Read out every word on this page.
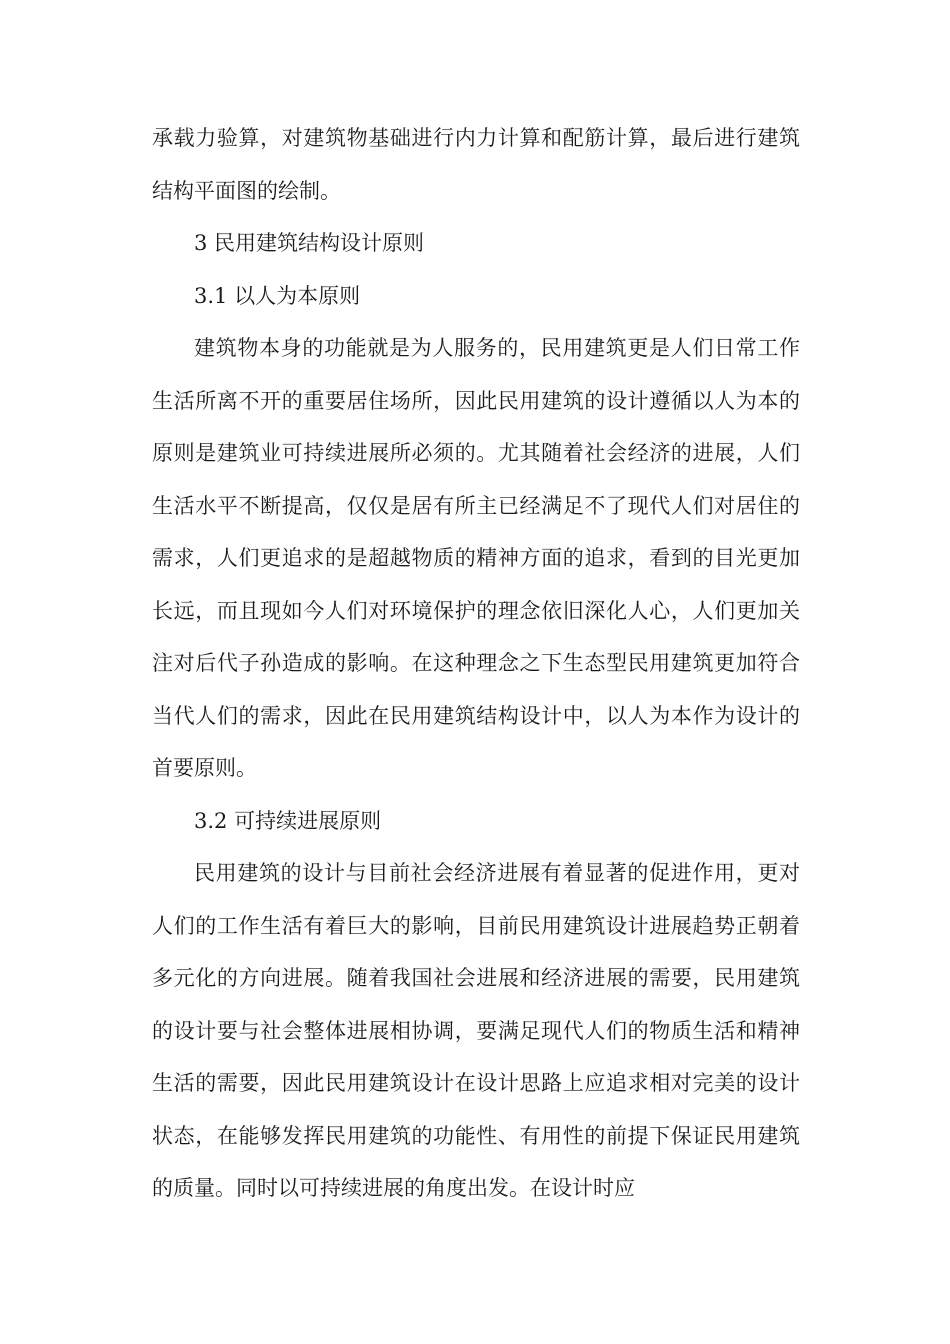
承载力验算，对建筑物基础进行内力计算和配筋计算，最后进行建筑结构平面图的绘制。

3 民用建筑结构设计原则

3.1 以人为本原则

建筑物本身的功能就是为人服务的，民用建筑更是人们日常工作生活所离不开的重要居住场所，因此民用建筑的设计遵循以人为本的原则是建筑业可持续进展所必须的。尤其随着社会经济的进展，人们生活水平不断提高，仅仅是居有所主已经满足不了现代人们对居住的需求，人们更追求的是超越物质的精神方面的追求，看到的目光更加长远，而且现如今人们对环境保护的理念依旧深化人心，人们更加关注对后代子孙造成的影响。在这种理念之下生态型民用建筑更加符合当代人们的需求，因此在民用建筑结构设计中，以人为本作为设计的首要原则。

3.2 可持续进展原则

民用建筑的设计与目前社会经济进展有着显著的促进作用，更对人们的工作生活有着巨大的影响，目前民用建筑设计进展趋势正朝着多元化的方向进展。随着我国社会进展和经济进展的需要，民用建筑的设计要与社会整体进展相协调，要满足现代人们的物质生活和精神生活的需要，因此民用建筑设计在设计思路上应追求相对完美的设计状态，在能够发挥民用建筑的功能性、有用性的前提下保证民用建筑的质量。同时以可持续进展的角度出发。在设计时应
